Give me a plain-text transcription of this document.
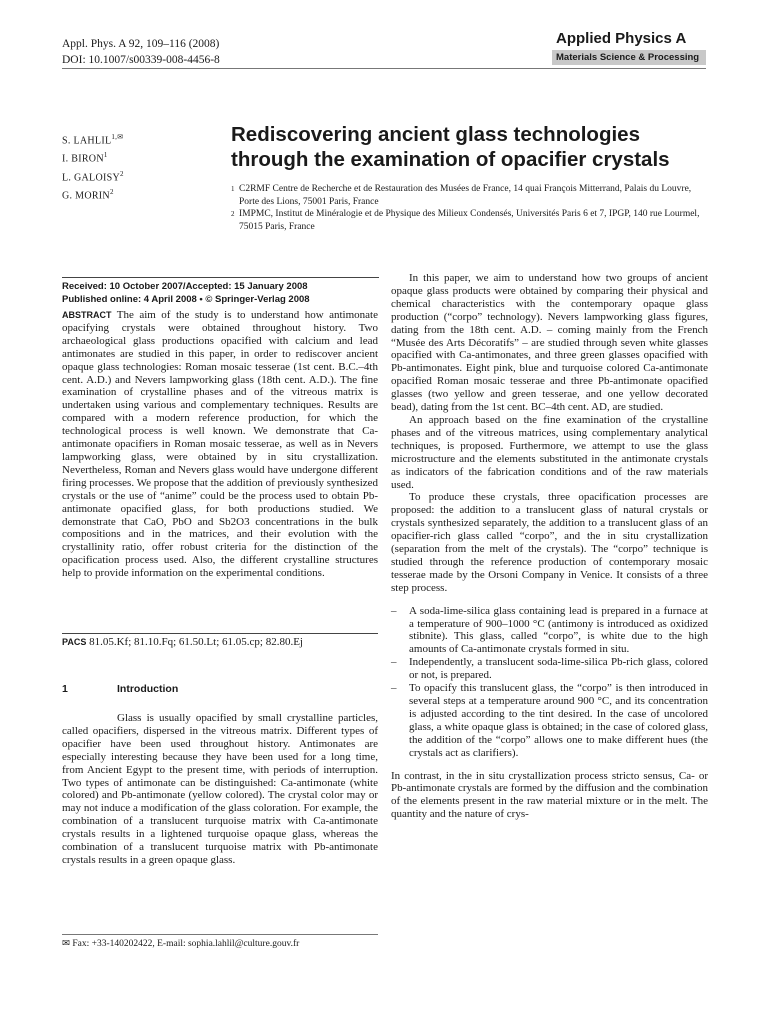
Appl. Phys. A 92, 109–116 (2008)
DOI: 10.1007/s00339-008-4456-8
Applied Physics A
Materials Science & Processing
S. $LAHLIL^{1,✉}$
I. BIRON$^1$
L. GALOISY$^2$
G. MORIN$^2$
Rediscovering ancient glass technologies through the examination of opacifier crystals
1 C2RMF Centre de Recherche et de Restauration des Musées de France, 14 quai François Mitterrand, Palais du Louvre, Porte des Lions, 75001 Paris, France
2 IMPMC, Institut de Minéralogie et de Physique des Milieux Condensés, Universités Paris 6 et 7, IPGP, 140 rue Lourmel, 75015 Paris, France
Received: 10 October 2007/Accepted: 15 January 2008
Published online: 4 April 2008 • © Springer-Verlag 2008
ABSTRACT The aim of the study is to understand how antimonate opacifying crystals were obtained throughout history. Two archaeological glass productions opacified with calcium and lead antimonates are studied in this paper, in order to rediscover ancient opaque glass technologies: Roman mosaic tesserae (1st cent. B.C.–4th cent. A.D.) and Nevers lampworking glass (18th cent. A.D.). The fine examination of crystalline phases and of the vitreous matrix is undertaken using various and complementary techniques. Results are compared with a modern reference production, for which the technological process is well known. We demonstrate that Ca-antimonate opacifiers in Roman mosaic tesserae, as well as in Nevers lampworking glass, were obtained by in situ crystallization. Nevertheless, Roman and Nevers glass would have undergone different firing processes. We propose that the addition of previously synthesized crystals or the use of “anime” could be the process used to obtain Pb-antimonate opacified glass, for both productions studied. We demonstrate that CaO, PbO and Sb2O3 concentrations in the bulk compositions and in the matrices, and their evolution with the crystallinity ratio, offer robust criteria for the distinction of the opacification process used. Also, the different crystalline structures help to provide information on the experimental conditions.
PACS 81.05.Kf; 81.10.Fq; 61.50.Lt; 61.05.cp; 82.80.Ej
1	Introduction
Glass is usually opacified by small crystalline particles, called opacifiers, dispersed in the vitreous matrix. Different types of opacifier have been used throughout history. Antimonates are especially interesting because they have been used for a long time, from Ancient Egypt to the present time, with periods of interruption. Two types of antimonate can be distinguished: Ca-antimonate (white colored) and Pb-antimonate (yellow colored). The crystal color may or may not induce a modification of the glass coloration. For example, the combination of a translucent turquoise matrix with Ca-antimonate crystals results in a lightened turquoise opaque glass, whereas the combination of a translucent turquoise matrix with Pb-antimonate crystals results in a green opaque glass.
✉ Fax: +33-140202422, E-mail: sophia.lahlil@culture.gouv.fr

In this paper, we aim to understand how two groups of ancient opaque glass products were obtained by comparing their physical and chemical characteristics with the contemporary opaque glass production (“corpo” technology). Nevers lampworking glass figures, dating from the 18th cent. A.D. – coming mainly from the French “Musée des Arts Décoratifs” – are studied through seven white glasses opacified with Ca-antimonates, and three green glasses opacified with Pb-antimonates. Eight pink, blue and turquoise colored Ca-antimonate opacified Roman mosaic tesserae and three Pb-antimonate opacified glasses (two yellow and green tesserae, and one yellow decorated bead), dating from the 1st cent. BC–4th cent. AD, are studied.

An approach based on the fine examination of the crystalline phases and of the vitreous matrices, using complementary analytical techniques, is proposed. Furthermore, we attempt to use the glass microstructure and the elements substituted in the antimonate crystals as indicators of the fabrication conditions and of the raw materials used.

To produce these crystals, three opacification processes are proposed: the addition to a translucent glass of natural crystals or crystals synthesized separately, the addition to a translucent glass of an opacifier-rich glass called “corpo”, and the in situ crystallization (separation from the melt of the crystals). The “corpo” technique is studied through the reference production of contemporary mosaic tesserae made by the Orsoni Company in Venice. It consists of a three step process.

– A soda-lime-silica glass containing lead is prepared in a furnace at a temperature of 900–1000 °C (antimony is introduced as oxidized stibnite). This glass, called “corpo”, is white due to the high amounts of Ca-antimonate crystals formed in situ.
– Independently, a translucent soda-lime-silica Pb-rich glass, colored or not, is prepared.
– To opacify this translucent glass, the “corpo” is then introduced in several steps at a temperature around 900 °C, and its concentration is adjusted according to the tint desired. In the case of uncolored glass, a white opaque glass is obtained; in the case of colored glass, the addition of the “corpo” allows one to make different hues (the crystals act as clarifiers).

In contrast, in the in situ crystallization process stricto sensus, Ca- or Pb-antimonate crystals are formed by the diffusion and the combination of the elements present in the raw material mixture or in the melt. The quantity and the nature of crys-
